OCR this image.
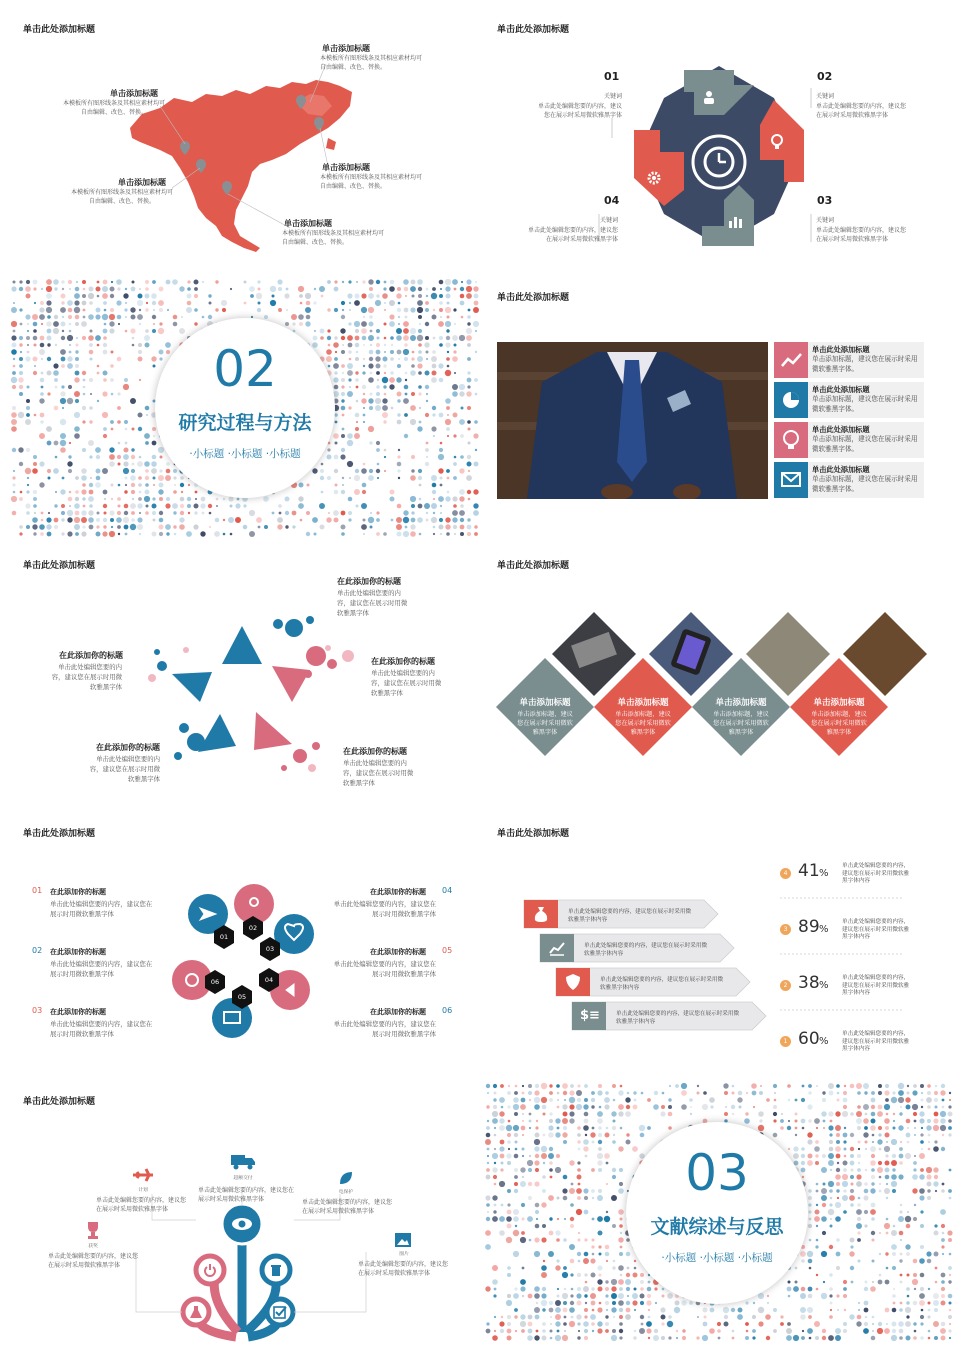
单击此处添加标题
单击添加标题
本模板所有图形线条及其相应素材均可自由编辑、改色、替换。
单击添加标题
本模板所有图形线条及其相应素材均可自由编辑、改色、替换。
单击添加标题
本模板所有图形线条及其相应素材均可自由编辑、改色、替换。
单击添加标题
本模板所有图形线条及其相应素材均可自由编辑、改色、替换。
单击添加标题
本模板所有图形线条及其相应素材均可自由编辑、改色、替换。
单击此处添加标题
01
关键词
单击此处编辑您要的内容，建议您在展示时采用微软雅黑字体
02
关键词
单击此处编辑您要的内容，建议您在展示时采用微软雅黑字体
03
关键词
单击此处编辑您要的内容，建议您在展示时采用微软雅黑字体
04
关键词
单击此处编辑您要的内容，建议您在展示时采用微软雅黑字体
02
研究过程与方法
·小标题 ·小标题 ·小标题
单击此处添加标题
单击此处添加标题
单击添加标题，建议您在展示时采用微软雅黑字体。
单击此处添加标题
单击添加标题，建议您在展示时采用微软雅黑字体。
单击此处添加标题
单击添加标题，建议您在展示时采用微软雅黑字体。
单击此处添加标题
单击添加标题，建议您在展示时采用微软雅黑字体。
单击此处添加标题
在此添加你的标题
单击此处编辑您要的内容，建议您在展示时用微软雅黑字体
在此添加你的标题
单击此处编辑您要的内容，建议您在展示时用微软雅黑字体
在此添加你的标题
单击此处编辑您要的内容，建议您在展示时用微软雅黑字体
在此添加你的标题
单击此处编辑您要的内容，建议您在展示时用微软雅黑字体
在此添加你的标题
单击此处编辑您要的内容，建议您在展示时用微软雅黑字体
单击此处添加标题
单击添加标题
单击添加标题，建议您在展示时采用微软雅黑字体
单击添加标题
单击添加标题，建议您在展示时采用微软雅黑字体
单击添加标题
单击添加标题，建议您在展示时采用微软雅黑字体
单击添加标题
单击添加标题，建议您在展示时采用微软雅黑字体
单击此处添加标题
01
02
03
04
05
06
01 在此添加你的标题
单击此处编辑您要的内容，建议您在展示时用微软雅黑字体
02 在此添加你的标题
单击此处编辑您要的内容，建议您在展示时用微软雅黑字体
03 在此添加你的标题
单击此处编辑您要的内容，建议您在展示时用微软雅黑字体
04
在此添加你的标题
单击此处编辑您要的内容，建议您在展示时用微软雅黑字体
05
在此添加你的标题
单击此处编辑您要的内容，建议您在展示时用微软雅黑字体
06
在此添加你的标题
单击此处编辑您要的内容，建议您在展示时用微软雅黑字体
单击此处添加标题
$≡
单击此处编辑您要的内容，建议您在展示时采用微软雅黑字体内容
单击此处编辑您要的内容，建议您在展示时采用微软雅黑字体内容
单击此处编辑您要的内容，建议您在展示时采用微软雅黑字体内容
单击此处编辑您要的内容，建议您在展示时采用微软雅黑字体内容
4 41 %
单击此处编辑您要的内容，建议您在展示时采用微软雅黑字体内容
3 89 %
单击此处编辑您要的内容，建议您在展示时采用微软雅黑字体内容
2 38 %
单击此处编辑您要的内容，建议您在展示时采用微软雅黑字体内容
1 60 %
单击此处编辑您要的内容，建议您在展示时采用微软雅黑字体内容
单击此处添加标题
计划
单击此处编辑您要的内容，建议您在展示时采用微软雅黑字体
超额交付
单击此处编辑您要的内容，建议您在展示时采用微软雅黑字体
电保护
单击此处编辑您要的内容，建议您在展示时采用微软雅黑字体
获奖
单击此处编辑您要的内容，建议您在展示时采用微软雅黑字体
图片
单击此处编辑您要的内容，建议您在展示时采用微软雅黑字体
03
文献综述与反思
·小标题 ·小标题 ·小标题
